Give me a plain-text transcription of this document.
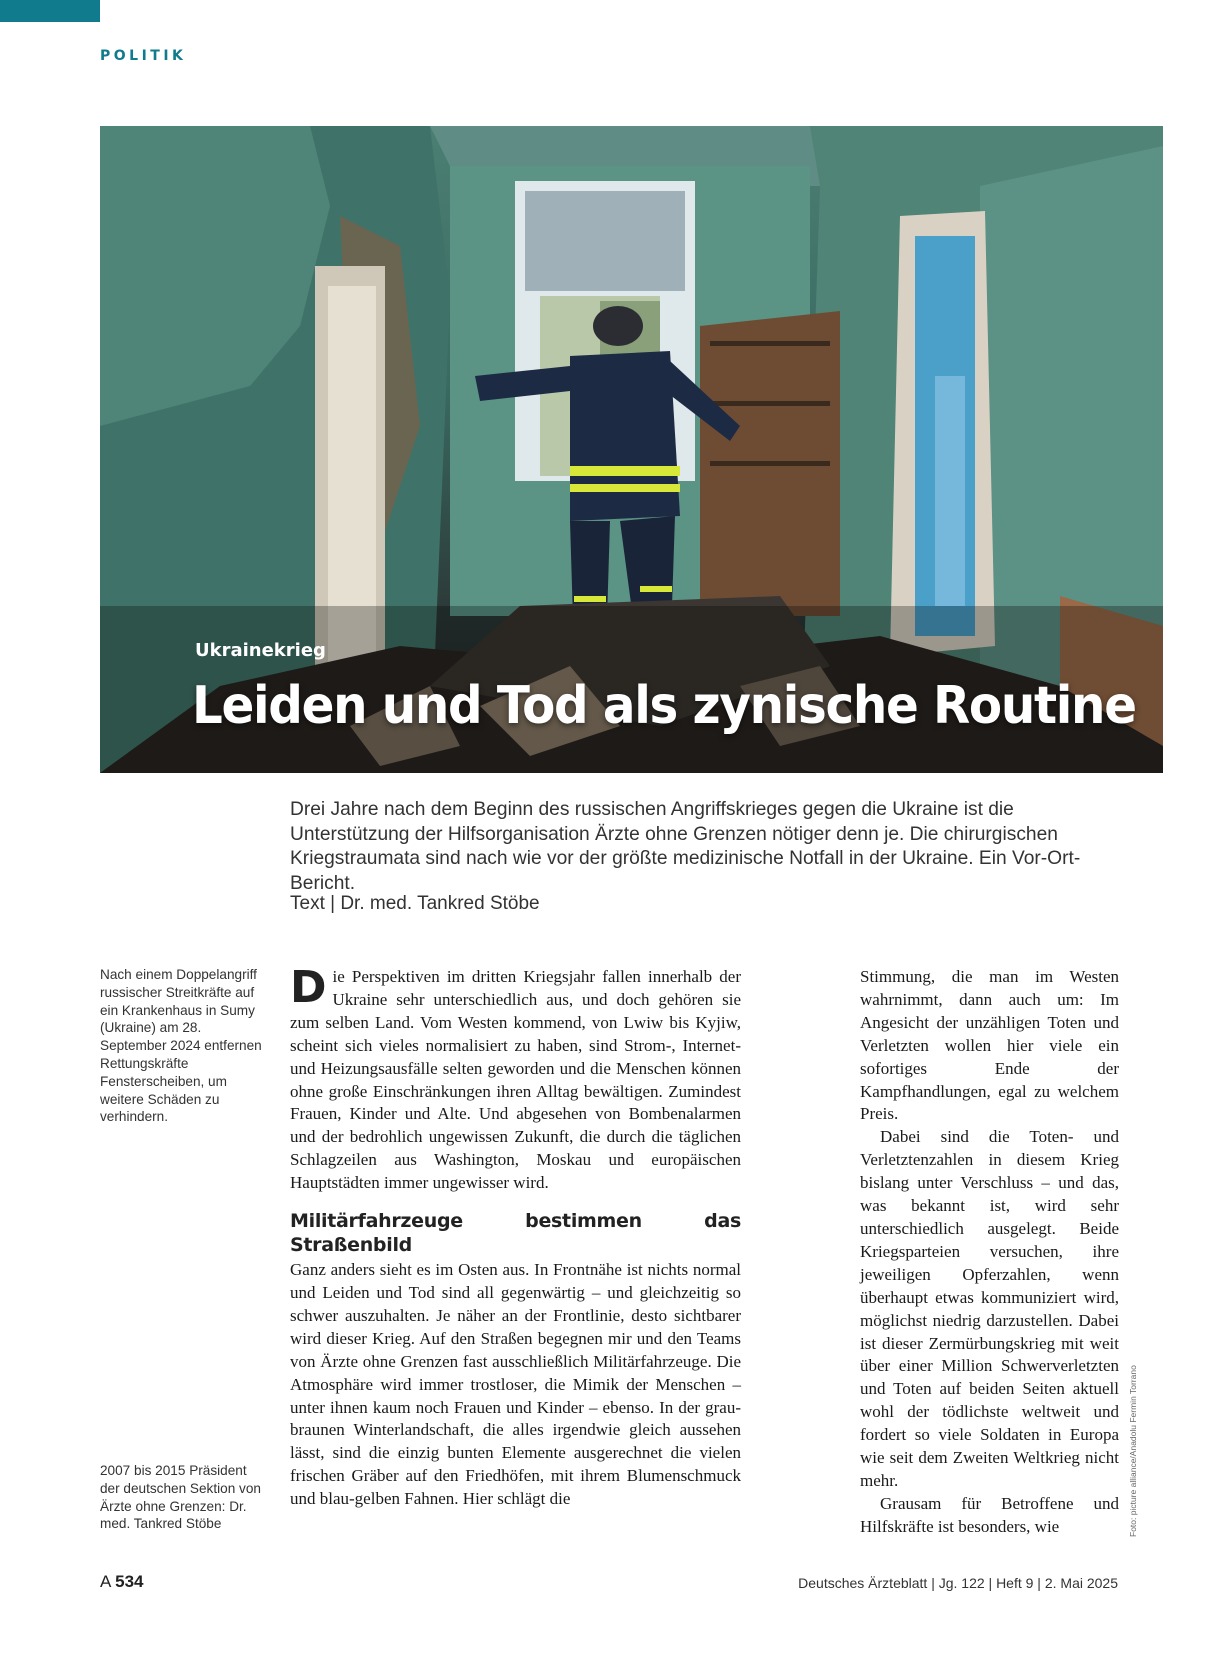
POLITIK
Ukrainekrieg
Leiden und Tod als zynische Routine
Drei Jahre nach dem Beginn des russischen Angriffskrieges gegen die Ukraine ist die Unterstützung der Hilfsorganisation Ärzte ohne Grenzen nötiger denn je. Die chirurgischen Kriegstraumata sind nach wie vor der größte medizinische Notfall in der Ukraine. Ein Vor-Ort-Bericht.
Text | Dr. med. Tankred Stöbe
Nach einem Doppelangriff russischer Streitkräfte auf ein Krankenhaus in Sumy (Ukraine) am 28. September 2024 entfernen Rettungskräfte Fensterscheiben, um weitere Schäden zu verhindern.
2007 bis 2015 Präsident der deutschen Sektion von Ärzte ohne Grenzen: Dr. med. Tankred Stöbe

Die Perspektiven im dritten Kriegsjahr fallen innerhalb der Ukraine sehr unterschiedlich aus, und doch gehören sie zum selben Land. Vom Westen kommend, von Lwiw bis Kyjiw, scheint sich vieles normalisiert zu haben, sind Strom-, Internet- und Heizungsausfälle selten geworden und die Menschen können ohne große Einschränkungen ihren Alltag bewältigen. Zumindest Frauen, Kinder und Alte. Und abgesehen von Bombenalarmen und der bedrohlich ungewissen Zukunft, die durch die täglichen Schlagzeilen aus Washington, Moskau und europäischen Hauptstädten immer ungewisser wird.

Militärfahrzeuge bestimmen das Straßenbild

Ganz anders sieht es im Osten aus. In Frontnähe ist nichts normal und Leiden und Tod sind all gegenwärtig – und gleichzeitig so schwer auszuhalten. Je näher an der Frontlinie, desto sichtbarer wird dieser Krieg. Auf den Straßen begegnen mir und den Teams von Ärzte ohne Grenzen fast ausschließlich Militärfahrzeuge. Die Atmosphäre wird immer trostloser, die Mimik der Menschen – unter ihnen kaum noch Frauen und Kinder – ebenso. In der grau-braunen Winterlandschaft, die alles irgendwie gleich aussehen lässt, sind die einzig bunten Elemente ausgerechnet die vielen frischen Gräber auf den Friedhöfen, mit ihrem Blumenschmuck und blau-gelben Fahnen. Hier schlägt die

Stimmung, die man im Westen wahrnimmt, dann auch um: Im Angesicht der unzähligen Toten und Verletzten wollen hier viele ein sofortiges Ende der Kampfhandlungen, egal zu welchem Preis.

Dabei sind die Toten- und Verletztenzahlen in diesem Krieg bislang unter Verschluss – und das, was bekannt ist, wird sehr unterschiedlich ausgelegt. Beide Kriegsparteien versuchen, ihre jeweiligen Opferzahlen, wenn überhaupt etwas kommuniziert wird, möglichst niedrig darzustellen. Dabei ist dieser Zermürbungskrieg mit weit über einer Million Schwerverletzten und Toten auf beiden Seiten aktuell wohl der tödlichste weltweit und fordert so viele Soldaten in Europa wie seit dem Zweiten Weltkrieg nicht mehr.

Grausam für Betroffene und Hilfskräfte ist besonders, wie	Foto: picture alliance/Anadolu Fermin Torrano
A 534	Deutsches Ärzteblatt | Jg. 122 | Heft 9 | 2. Mai 2025
